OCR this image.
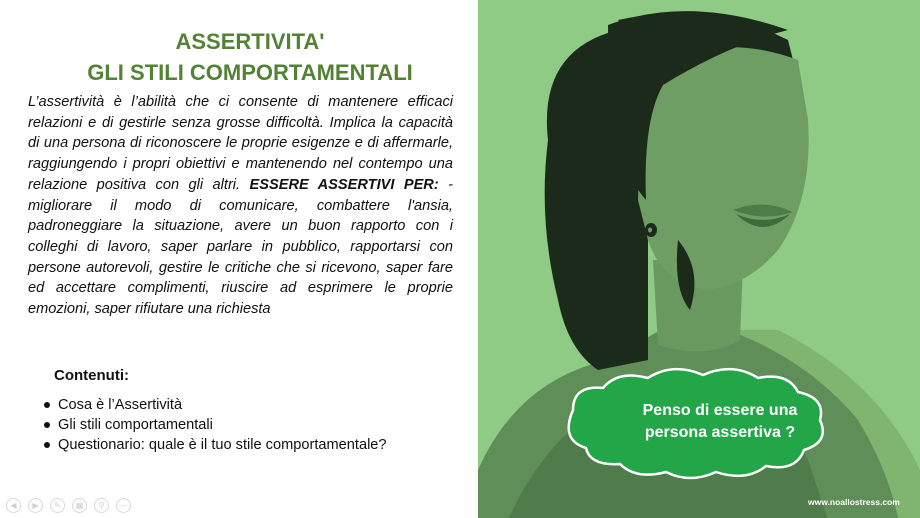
ASSERTIVITA'
GLI STILI COMPORTAMENTALI
L’assertività è l’abilità che ci consente di mantenere efficaci relazioni e di gestirle senza grosse difficoltà. Implica la capacità di una persona di riconoscere le proprie esigenze e di affermarle, raggiungendo i propri obiettivi e mantenendo nel contempo una relazione positiva con gli altri. ESSERE ASSERTIVI PER: - migliorare il modo di comunicare, combattere l'ansia, padroneggiare la situazione, avere un buon rapporto con i colleghi di lavoro, saper parlare in pubblico, rapportarsi con persone autorevoli, gestire le critiche che si ricevono, saper fare ed accettare complimenti, riuscire ad esprimere le proprie emozioni, saper rifiutare una richiesta
Contenuti:
Cosa è l’Assertività
Gli stili comportamentali
Questionario: quale è il tuo stile comportamentale?
◀	▶	✎	▦	⚲	⋯
Penso di essere una
persona assertiva ?
www.noallostress.com
